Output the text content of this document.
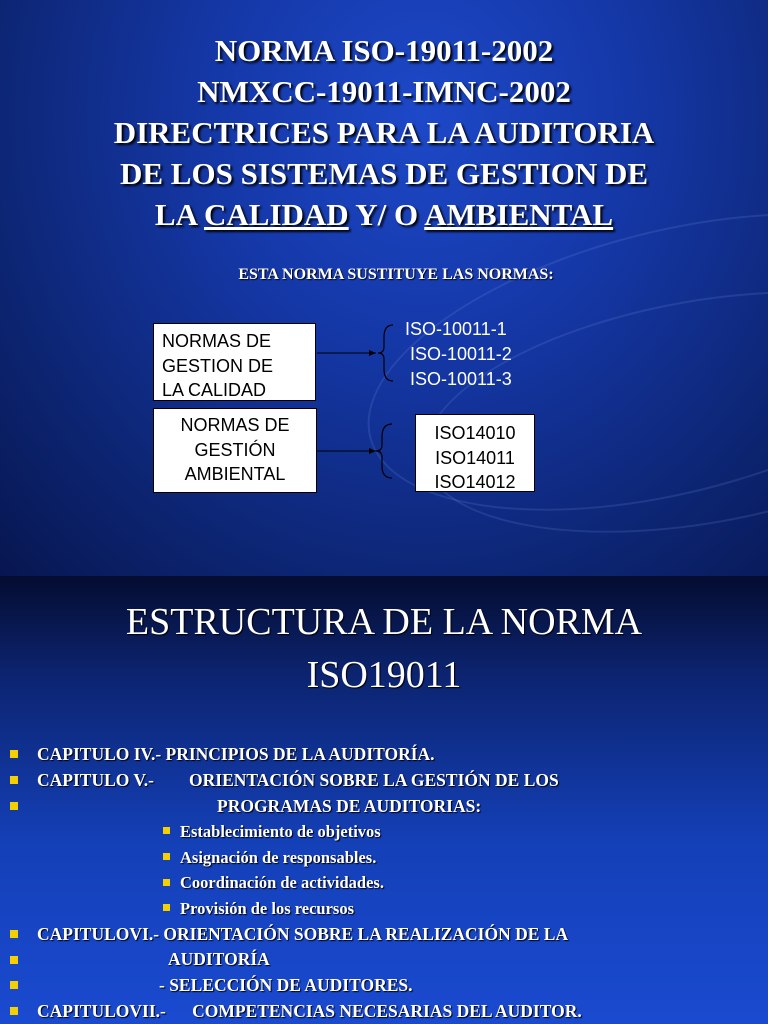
NORMA ISO-19011-2002
NMXCC-19011-IMNC-2002
DIRECTRICES PARA LA AUDITORIA
DE LOS SISTEMAS DE GESTION DE
LA CALIDAD Y/ O AMBIENTAL
ESTA NORMA SUSTITUYE LAS NORMAS:
NORMAS DE
GESTION DE
LA CALIDAD
NORMAS DE
GESTIÓN
AMBIENTAL
ISO-10011-1
ISO-10011-2
ISO-10011-3
ISO14010
ISO14011
ISO14012
ESTRUCTURA DE LA NORMA
ISO19011
CAPITULO IV.- PRINCIPIOS DE LA AUDITORÍA.
CAPITULO V.-        ORIENTACIÓN SOBRE LA GESTIÓN DE LOS
PROGRAMAS DE AUDITORIAS:
Establecimiento de objetivos
Asignación de responsables.
Coordinación de actividades.
Provisión de los recursos
CAPITULOVI.- ORIENTACIÓN SOBRE LA REALIZACIÓN DE LA
AUDITORÍA
- SELECCIÓN DE AUDITORES.
CAPITULOVII.-      COMPETENCIAS NECESARIAS DEL AUDITOR.
